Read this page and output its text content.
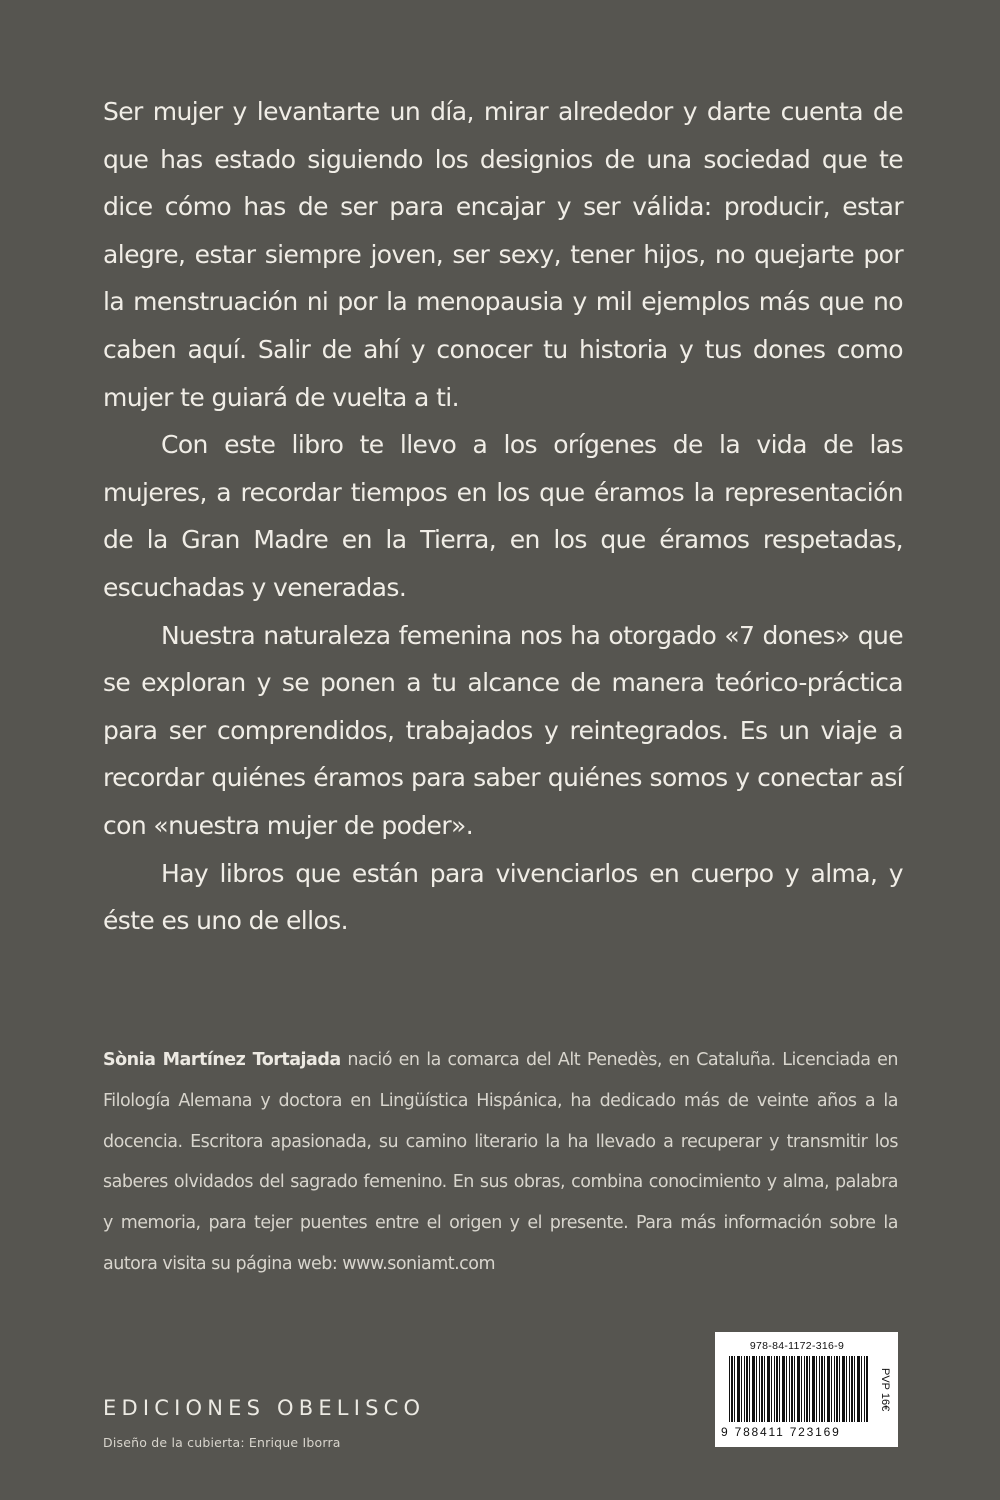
Ser mujer y levantarte un día, mirar alrededor y darte cuenta de que has estado siguiendo los designios de una sociedad que te dice cómo has de ser para encajar y ser válida: producir, estar alegre, estar siempre joven, ser sexy, tener hijos, no quejarte por la menstruación ni por la menopausia y mil ejemplos más que no caben aquí. Salir de ahí y conocer tu historia y tus dones como mujer te guiará de vuelta a ti.

Con este libro te llevo a los orígenes de la vida de las mujeres, a recordar tiempos en los que éramos la representación de la Gran Madre en la Tierra, en los que éramos respetadas, escuchadas y veneradas.

Nuestra naturaleza femenina nos ha otorgado «7 dones» que se exploran y se ponen a tu alcance de manera teórico-práctica para ser comprendidos, trabajados y reintegrados. Es un viaje a recordar quiénes éramos para saber quiénes somos y conectar así con «nuestra mujer de poder».

Hay libros que están para vivenciarlos en cuerpo y alma, y éste es uno de ellos.

Sònia Martínez Tortajada nació en la comarca del Alt Penedès, en Cataluña. Licenciada en Filología Alemana y doctora en Lingüística Hispánica, ha dedicado más de veinte años a la docencia. Escritora apasionada, su camino literario la ha llevado a recuperar y transmitir los saberes olvidados del sagrado femenino. En sus obras, combina conocimiento y alma, palabra y memoria, para tejer puentes entre el origen y el presente. Para más información sobre la autora visita su página web: www.soniamt.com

EDICIONES OBELISCO

Diseño de la cubierta: Enrique Iborra

978-84-1172-316-9
9 788411 723169
PVP 16€
